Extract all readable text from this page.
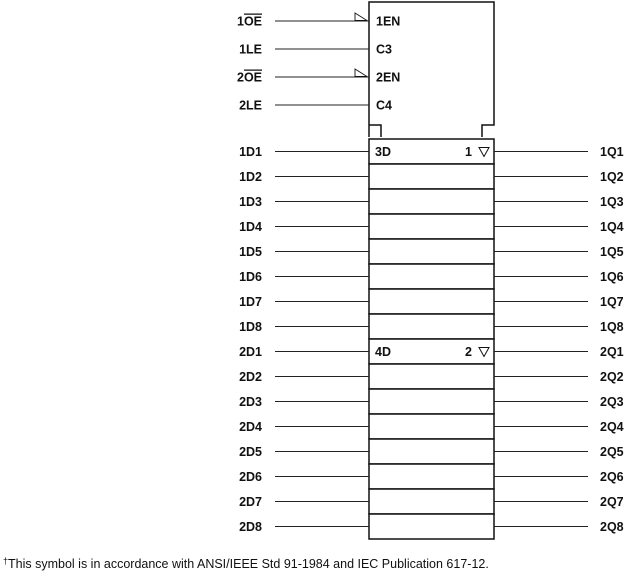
1OE	1EN
1LE	C3
2OE	2EN
2LE	C4
3D	1
4D	2
1D1	1Q1
1D2	1Q2
1D3	1Q3
1D4	1Q4
1D5	1Q5
1D6	1Q6
1D7	1Q7
1D8	1Q8
2D1	2Q1
2D2	2Q2
2D3	2Q3
2D4	2Q4
2D5	2Q5
2D6	2Q6
2D7	2Q7
2D8	2Q8
†This symbol is in accordance with ANSI/IEEE Std 91-1984 and IEC Publication 617-12.
